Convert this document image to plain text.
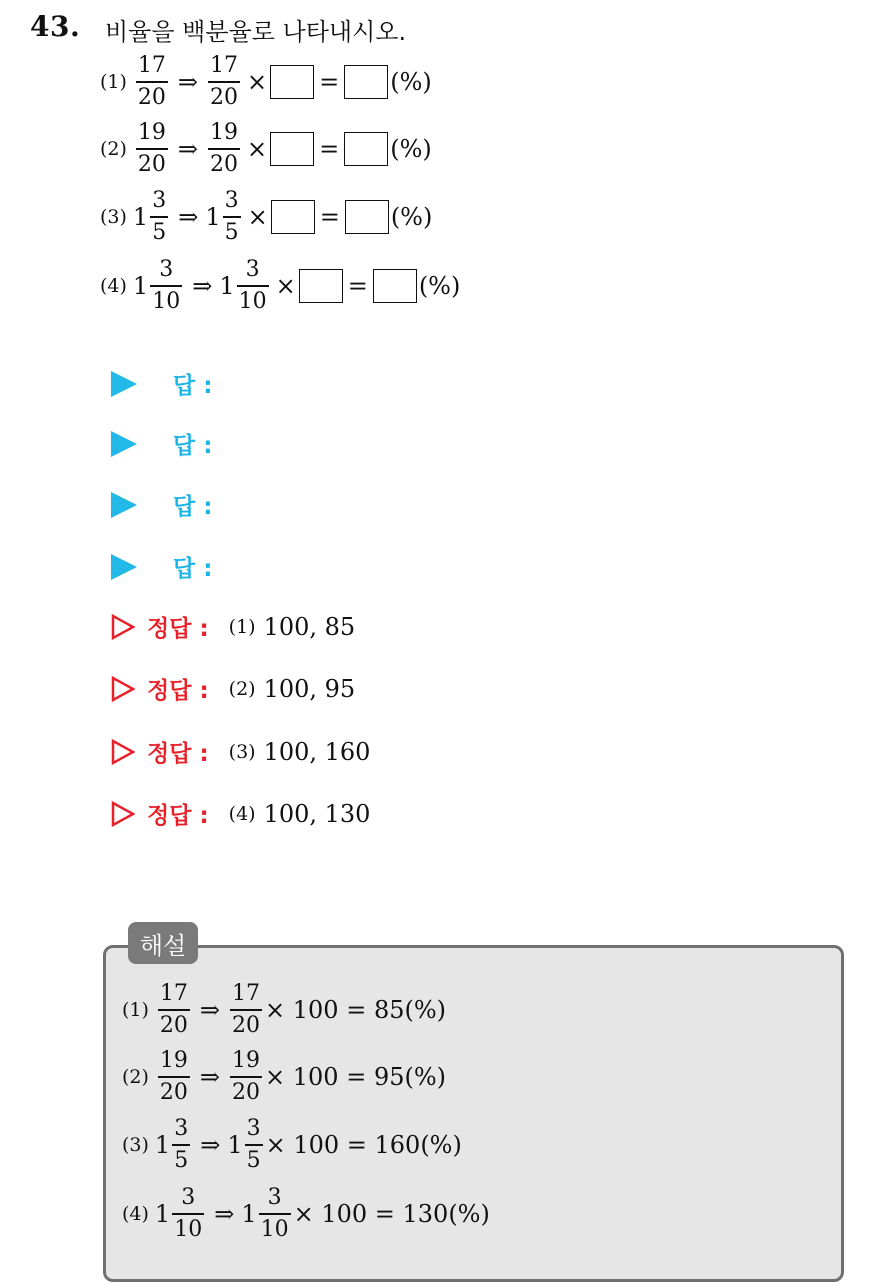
43. 비율을 백분율로 나타내시오.
$(1) \frac{17}{20}$ ⇒ $\frac{17}{20}$ × = (%)
$(2) \frac{19}{20}$ ⇒ $\frac{19}{20}$ × = (%)
(3) $1 \frac{3}{5}$ ⇒ $1 \frac{3}{5}$ × = (%)
(4) $1 \frac{3}{10}$ ⇒ $1 \frac{3}{10}$ × = (%)
답 :
답 :
답 :
답 :
정답 : (1) 100, 85
정답 : (2) 100, 95
정답 : (3) 100, 160
정답 : (4) 100, 130
해설
$(1) \frac{17}{20}$ ⇒ $\frac{17}{20} \times 100 = 85(\%)$
$(2) \frac{19}{20}$ ⇒ $\frac{19}{20} \times 100 = 95(\%)$
(3) $1 \frac{3}{5}$ ⇒ $1 \frac{3}{5} \times 100 = 160(\%)$
(4) $1 \frac{3}{10}$ ⇒ $1 \frac{3}{10} \times 100 = 130(\%)$
